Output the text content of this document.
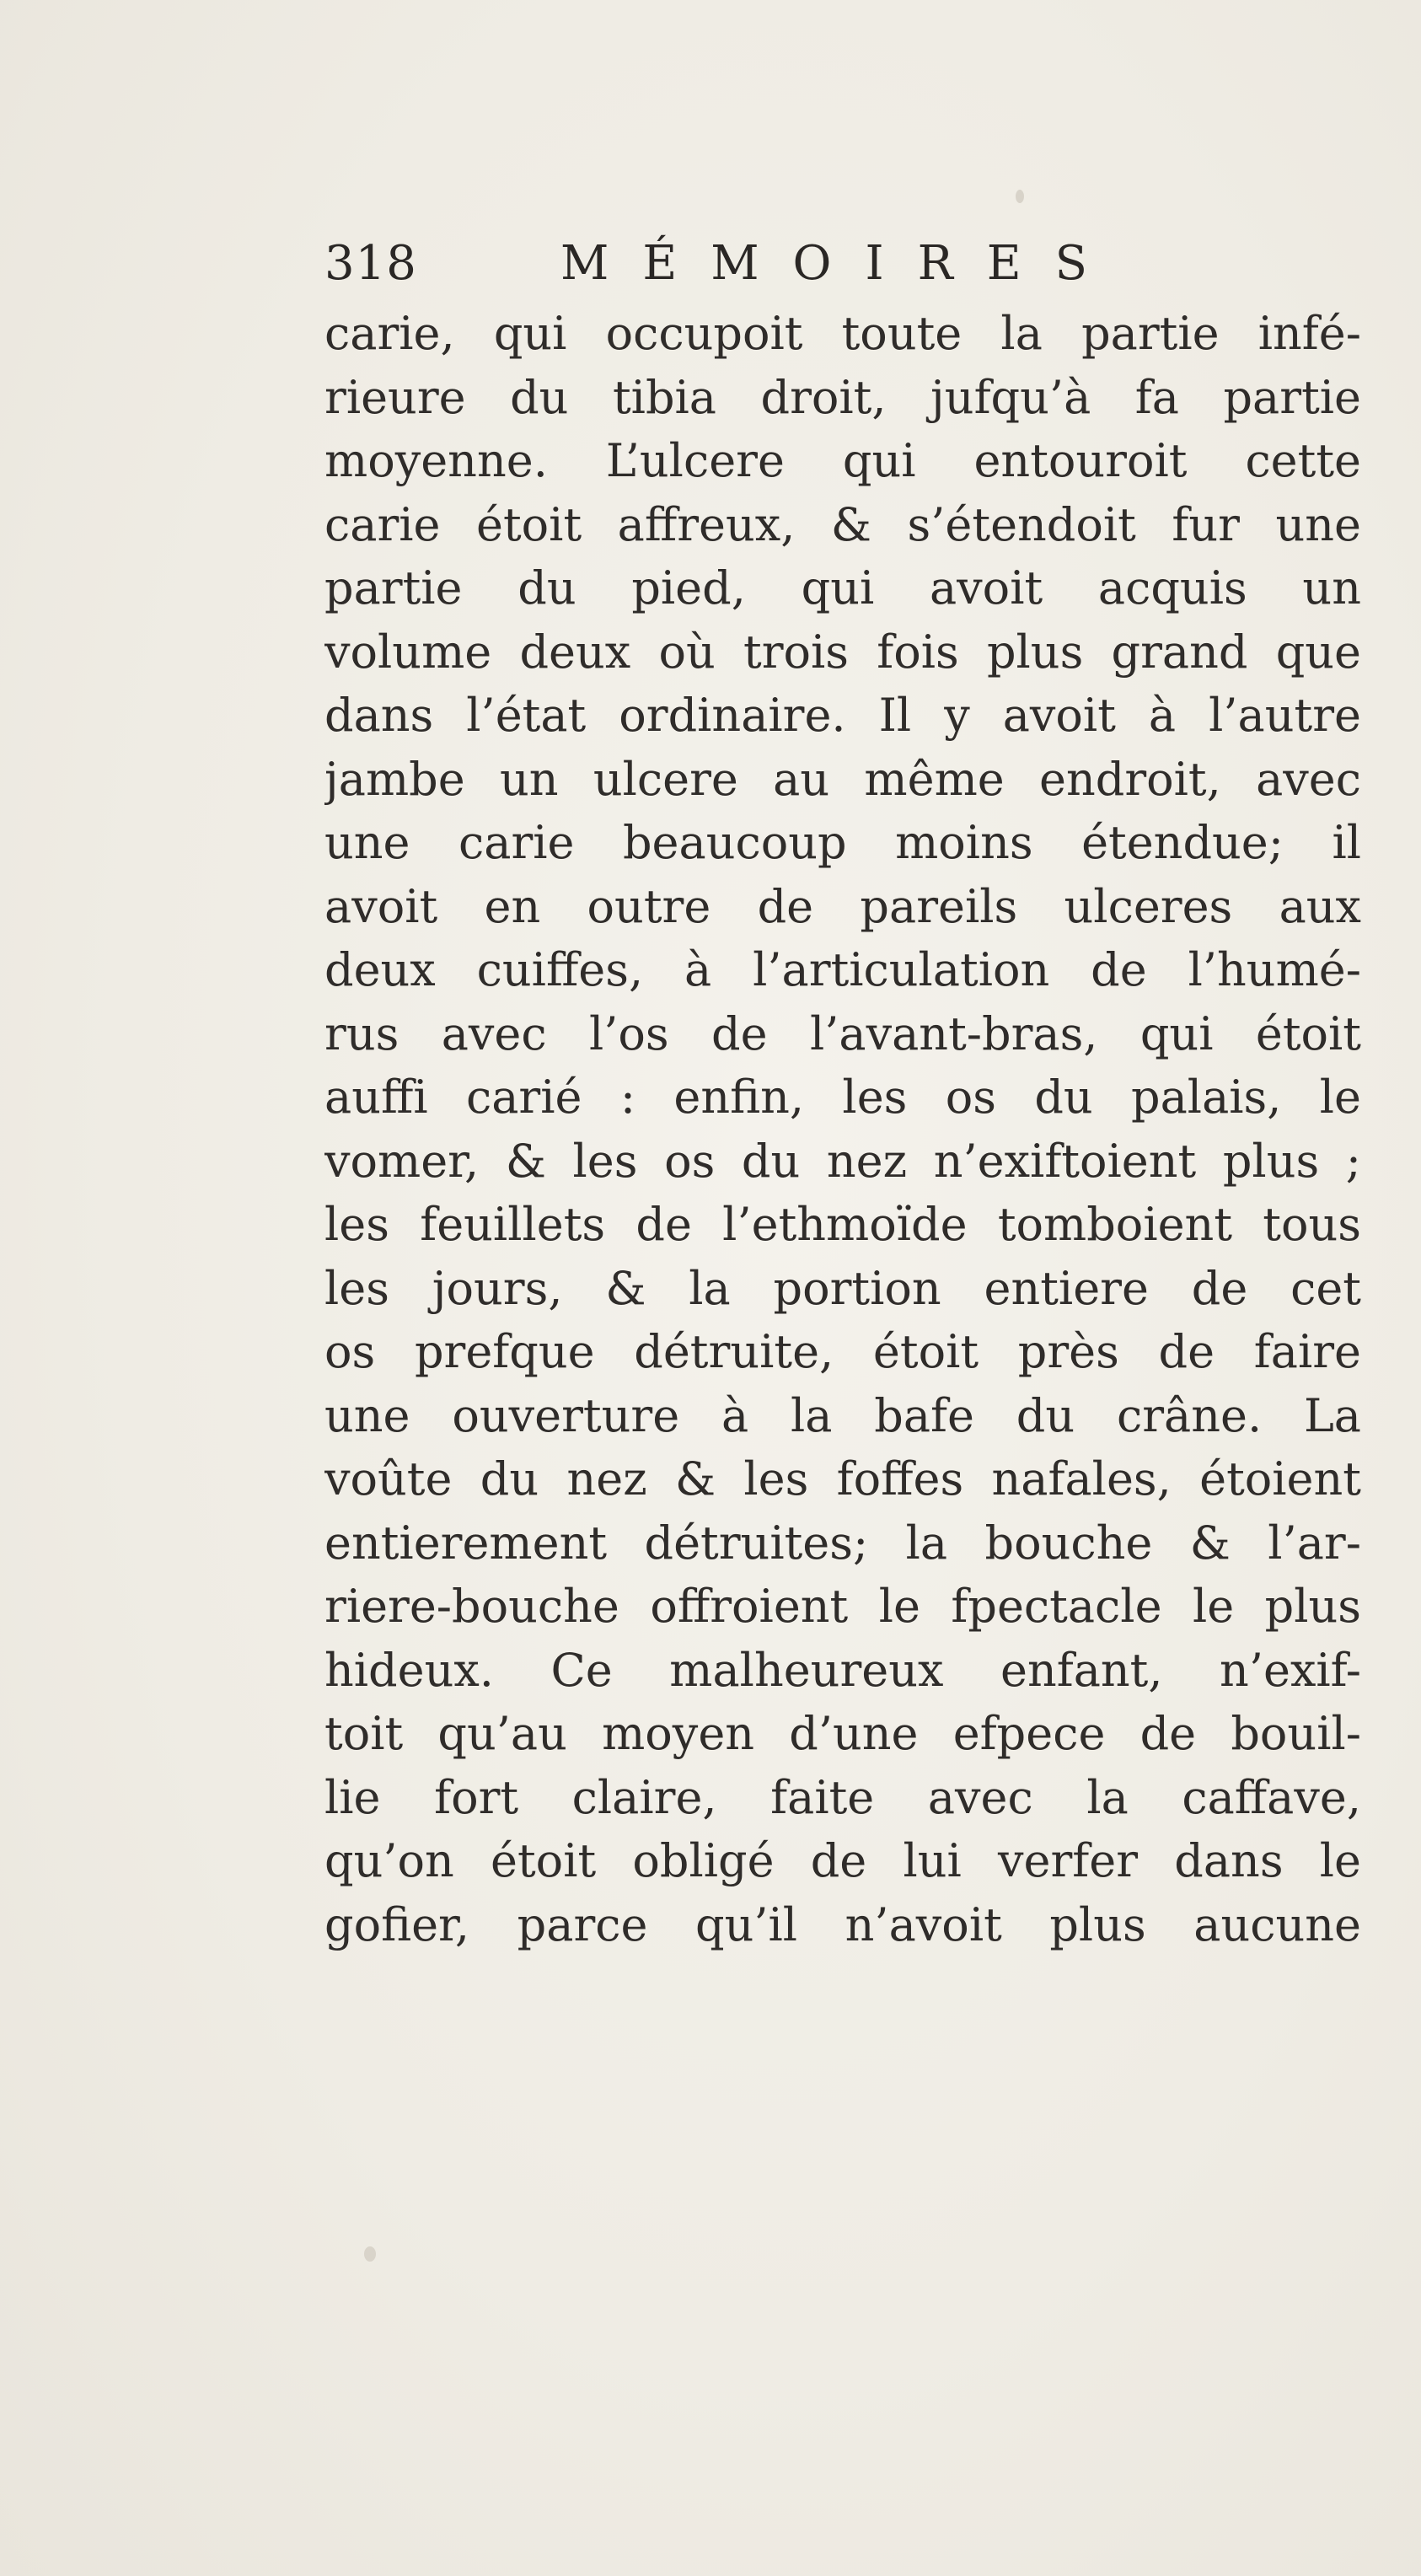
318	MÉMOIRES
carie, qui occupoit toute la partie infé-
rieure du tibia droit, jufqu’à fa partie
moyenne. L’ulcere qui entouroit cette
carie étoit affreux, & s’étendoit fur une
partie du pied, qui avoit acquis un
volume deux où trois fois plus grand que
dans l’état ordinaire. Il y avoit à l’autre
jambe un ulcere au même endroit, avec
une carie beaucoup moins étendue; il
avoit en outre de pareils ulceres aux
deux cuiffes, à l’articulation de l’humé-
rus avec l’os de l’avant-bras, qui étoit
auffi carié : enfin, les os du palais, le
vomer, & les os du nez n’exiftoient plus ;
les feuillets de l’ethmoïde tomboient tous
les jours, & la portion entiere de cet
os prefque détruite, étoit près de faire
une ouverture à la bafe du crâne. La
voûte du nez & les foffes nafales, étoient
entierement détruites; la bouche & l’ar-
riere-bouche offroient le fpectacle le plus
hideux. Ce malheureux enfant, n’exif-
toit qu’au moyen d’une efpece de bouil-
lie fort claire, faite avec la caffave,
qu’on étoit obligé de lui verfer dans le
gofier, parce qu’il n’avoit plus aucune
